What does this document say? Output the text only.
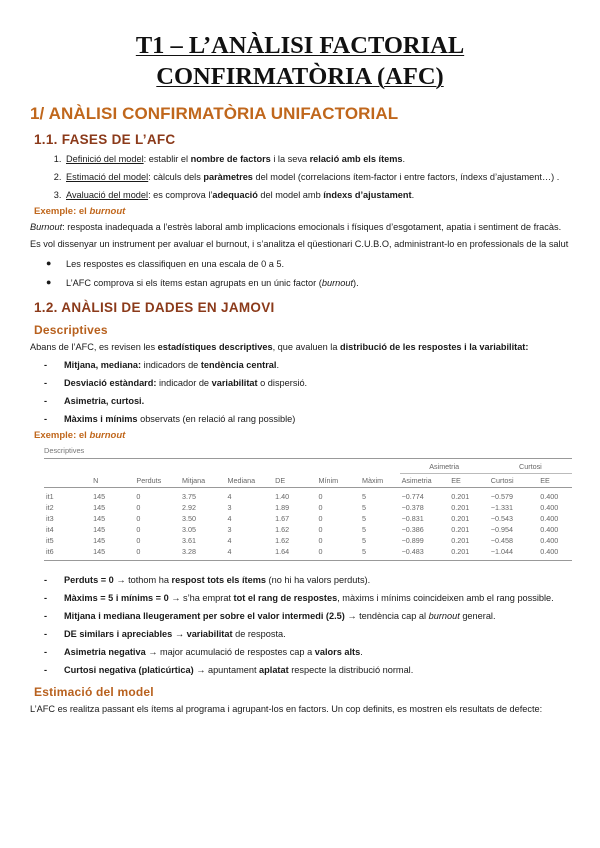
T1 – L’ANÀLISI FACTORIAL CONFIRMATÒRIA (AFC)
1/ ANÀLISI CONFIRMATÒRIA UNIFACTORIAL
1.1. FASES DE L’AFC
1. Definició del model: establir el nombre de factors i la seva relació amb els ítems.
2. Estimació del model: càlculs dels paràmetres del model (correlacions ítem-factor i entre factors, índexs d’ajustament…) .
3. Avaluació del model: es comprova l’adequació del model amb índexs d’ajustament.
Exemple: el burnout

Burnout: resposta inadequada a l’estrès laboral amb implicacions emocionals i físiques d’esgotament, apatia i sentiment de fracàs.

Es vol dissenyar un instrument per avaluar el burnout, i s’analitza el qüestionari C.U.B.O, administrant-lo en professionals de la salut

● Les respostes es classifiquen en una escala de 0 a 5.
● L’AFC comprova si els ítems estan agrupats en un únic factor (burnout).
1.2. ANÀLISI DE DADES EN JAMOVI
Descriptives

Abans de l’AFC, es revisen les estadístiques descriptives, que avaluen la distribució de les respostes i la variabilitat:

- Mitjana, mediana: indicadors de tendència central.
- Desviació estàndard: indicador de variabilitat o dispersió.
- Asimetria, curtosi.
- Màxims i mínims observats (en relació al rang possible)
Exemple: el burnout
Descriptives
								Asimetria		Curtosi	
	N	Perduts	Mitjana	Mediana	DE	Mínim	Màxim	Asimetria	EE	Curtosi	EE
it1	145	0	3.75	4	1.40	0	5	−0.774	0.201	−0.579	0.400
it2	145	0	2.92	3	1.89	0	5	−0.378	0.201	−1.331	0.400
it3	145	0	3.50	4	1.67	0	5	−0.831	0.201	−0.543	0.400
it4	145	0	3.05	3	1.62	0	5	−0.386	0.201	−0.954	0.400
it5	145	0	3.61	4	1.62	0	5	−0.899	0.201	−0.458	0.400
it6	145	0	3.28	4	1.64	0	5	−0.483	0.201	−1.044	0.400
- Perduts = 0 → tothom ha respost tots els ítems (no hi ha valors perduts).
- Màxims = 5 i mínims = 0 → s’ha emprat tot el rang de respostes, màxims i mínims coincideixen amb el rang possible.
- Mitjana i mediana lleugerament per sobre el valor intermedi (2.5) → tendència cap al burnout general.
- DE similars i apreciables → variabilitat de resposta.
- Asimetria negativa → major acumulació de respostes cap a valors alts.
- Curtosi negativa (platicúrtica) → apuntament aplatat respecte la distribució normal.
Estimació del model

L’AFC es realitza passant els ítems al programa i agrupant-los en factors. Un cop definits, es mostren els resultats de defecte:
